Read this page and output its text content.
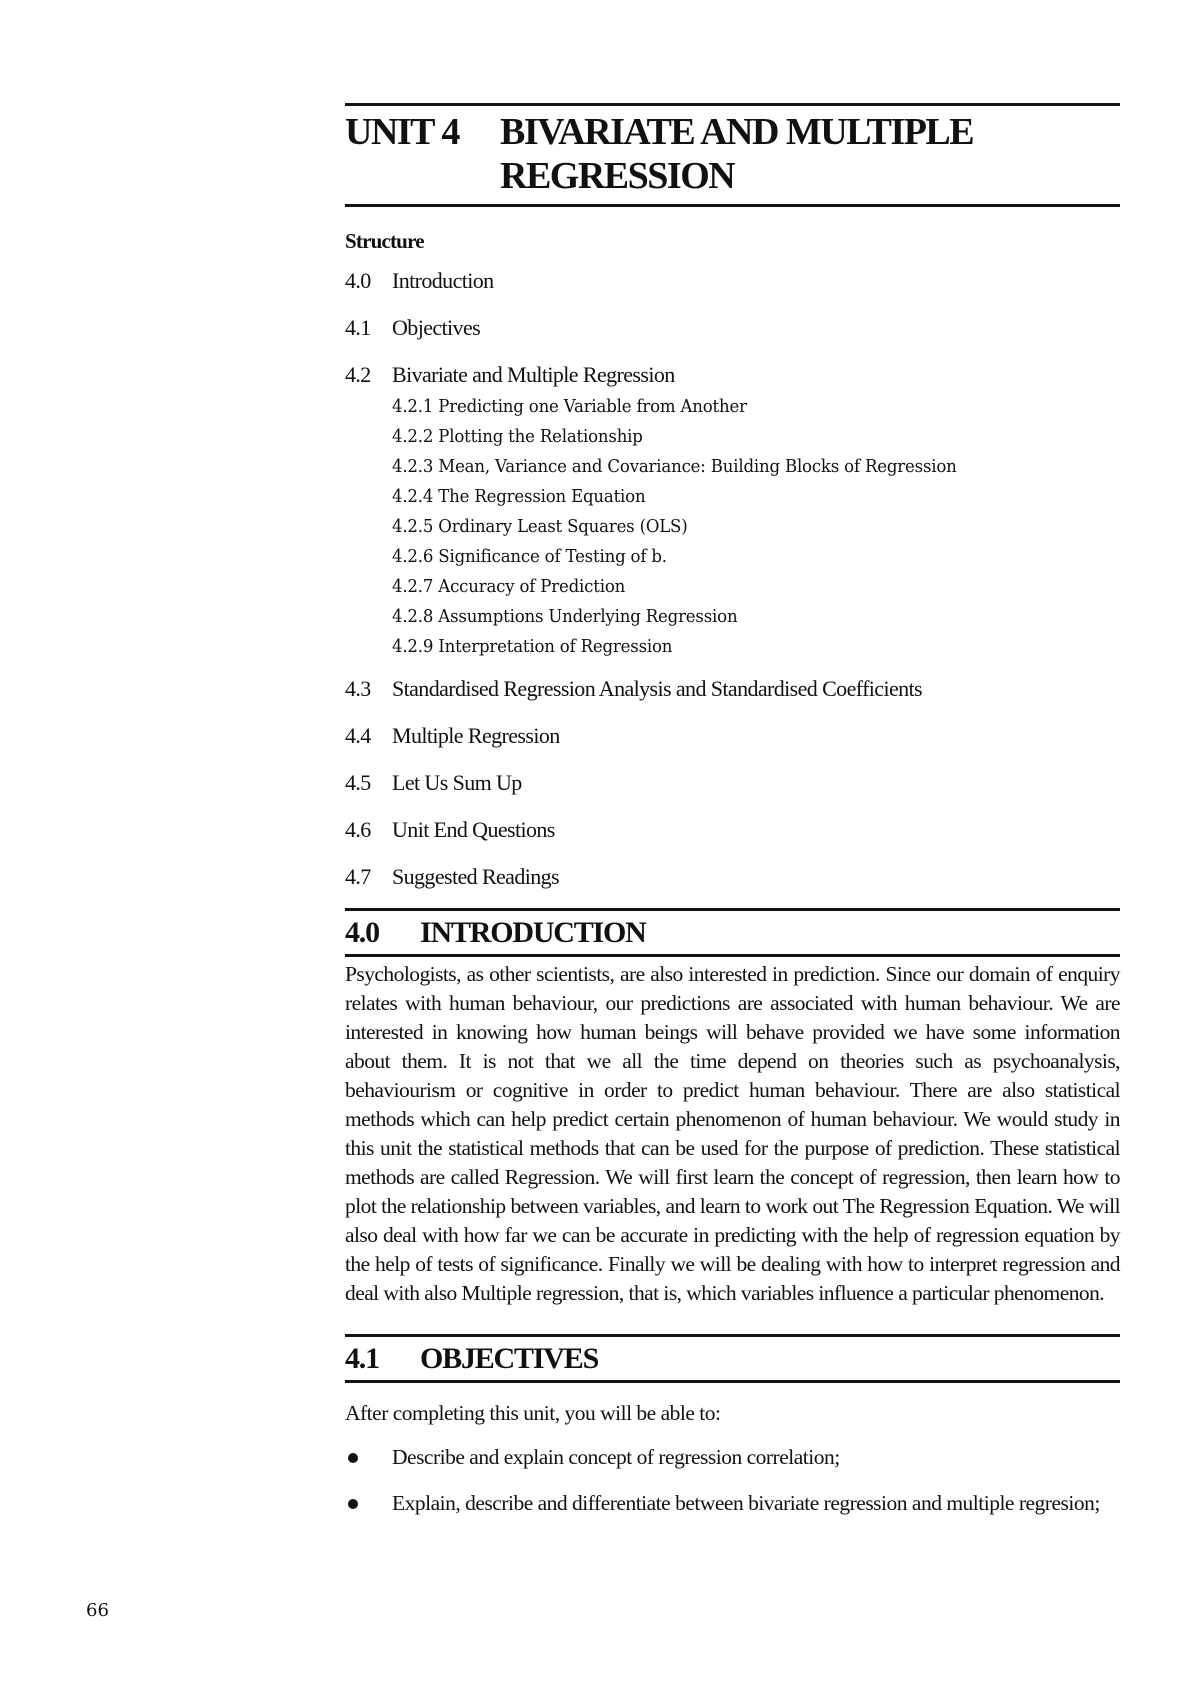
UNIT 4	BIVARIATE AND MULTIPLE
REGRESSION
Structure
4.0 Introduction
4.1 Objectives
4.2 Bivariate and Multiple Regression
4.2.1 Predicting one Variable from Another
4.2.2 Plotting the Relationship
4.2.3 Mean, Variance and Covariance: Building Blocks of Regression
4.2.4 The Regression Equation
4.2.5 Ordinary Least Squares (OLS)
4.2.6 Significance of Testing of b.
4.2.7 Accuracy of Prediction
4.2.8 Assumptions Underlying Regression
4.2.9 Interpretation of Regression
4.3 Standardised Regression Analysis and Standardised Coefficients
4.4 Multiple Regression
4.5 Let Us Sum Up
4.6 Unit End Questions
4.7 Suggested Readings
4.0	INTRODUCTION

Psychologists, as other scientists, are also interested in prediction. Since our domain of enquiry relates with human behaviour, our predictions are associated with human behaviour. We are interested in knowing how human beings will behave provided we have some information about them. It is not that we all the time depend on theories such as psychoanalysis, behaviourism or cognitive in order to predict human behaviour. There are also statistical methods which can help predict certain phenomenon of human behaviour. We would study in this unit the statistical methods that can be used for the purpose of prediction. These statistical methods are called Regression. We will first learn the concept of regression, then learn how to plot the relationship between variables, and learn to work out The Regression Equation. We will also deal with how far we can be accurate in predicting with the help of regression equation by the help of tests of significance. Finally we will be dealing with how to interpret regression and deal with also Multiple regression, that is, which variables influence a particular phenomenon.

4.1	OBJECTIVES
After completing this unit, you will be able to:
Describe and explain concept of regression correlation;
Explain, describe and differentiate between bivariate regression and multiple regresion;
66
